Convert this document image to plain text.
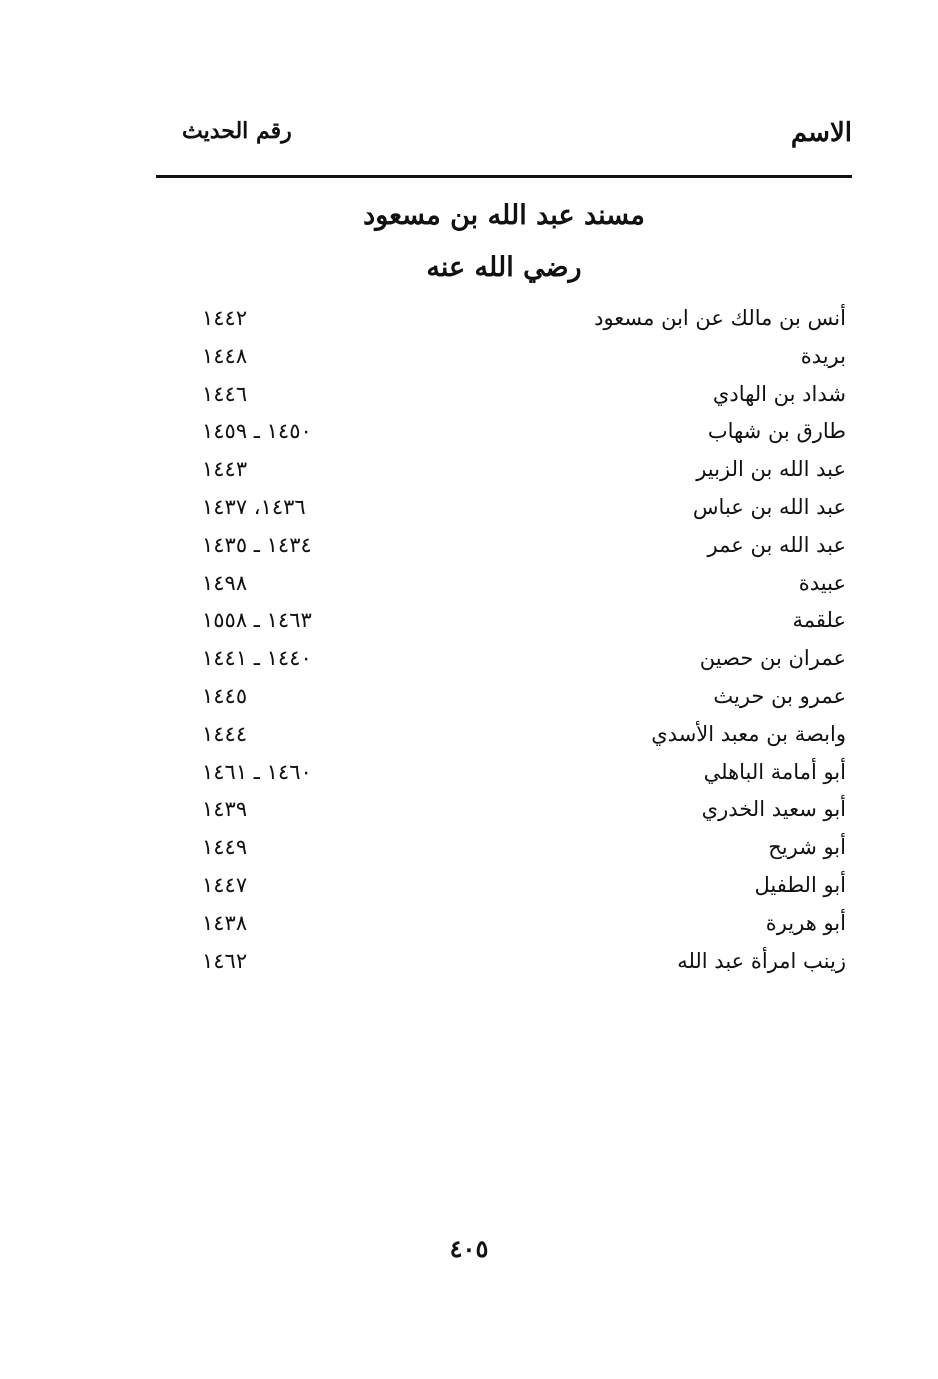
الاسم
رقم الحديث
مسند عبد الله بن مسعود
رضي الله عنه
أنس بن مالك عن ابن مسعود
١٤٤٢
بريدة
١٤٤٨
شداد بن الهادي
١٤٤٦
طارق بن شهاب
١٤٥٠ ـ ١٤٥٩
عبد الله بن الزبير
١٤٤٣
عبد الله بن عباس
١٤٣٦، ١٤٣٧
عبد الله بن عمر
١٤٣٤ ـ ١٤٣٥
عبيدة
١٤٩٨
علقمة
١٤٦٣ ـ ١٥٥٨
عمران بن حصين
١٤٤٠ ـ ١٤٤١
عمرو بن حريث
١٤٤٥
وابصة بن معبد الأسدي
١٤٤٤
أبو أمامة الباهلي
١٤٦٠ ـ ١٤٦١
أبو سعيد الخدري
١٤٣٩
أبو شريح
١٤٤٩
أبو الطفيل
١٤٤٧
أبو هريرة
١٤٣٨
زينب امرأة عبد الله
١٤٦٢
٤٠٥
